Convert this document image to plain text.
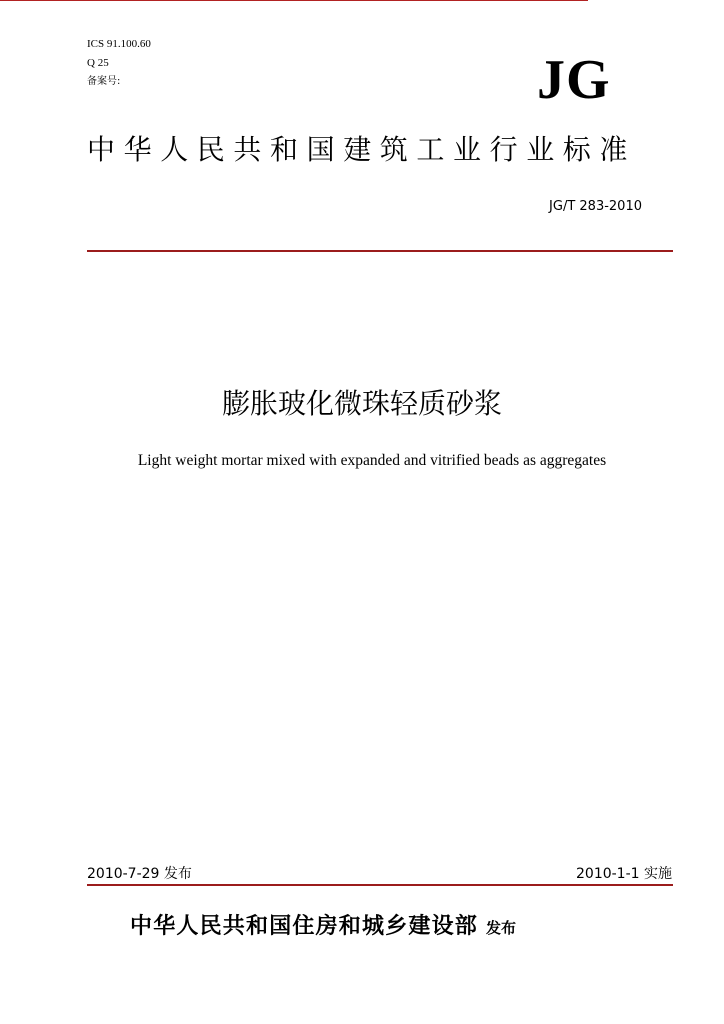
ICS 91.100.60
Q 25
备案号:	JG
中华人民共和国建筑工业行业标准
JG/T 283-2010
膨胀玻化微珠轻质砂浆
Light weight mortar mixed with expanded and vitrified beads as aggregates
2010-7-29 发布	2010-1-1 实施
中华人民共和国住房和城乡建设部 发布
